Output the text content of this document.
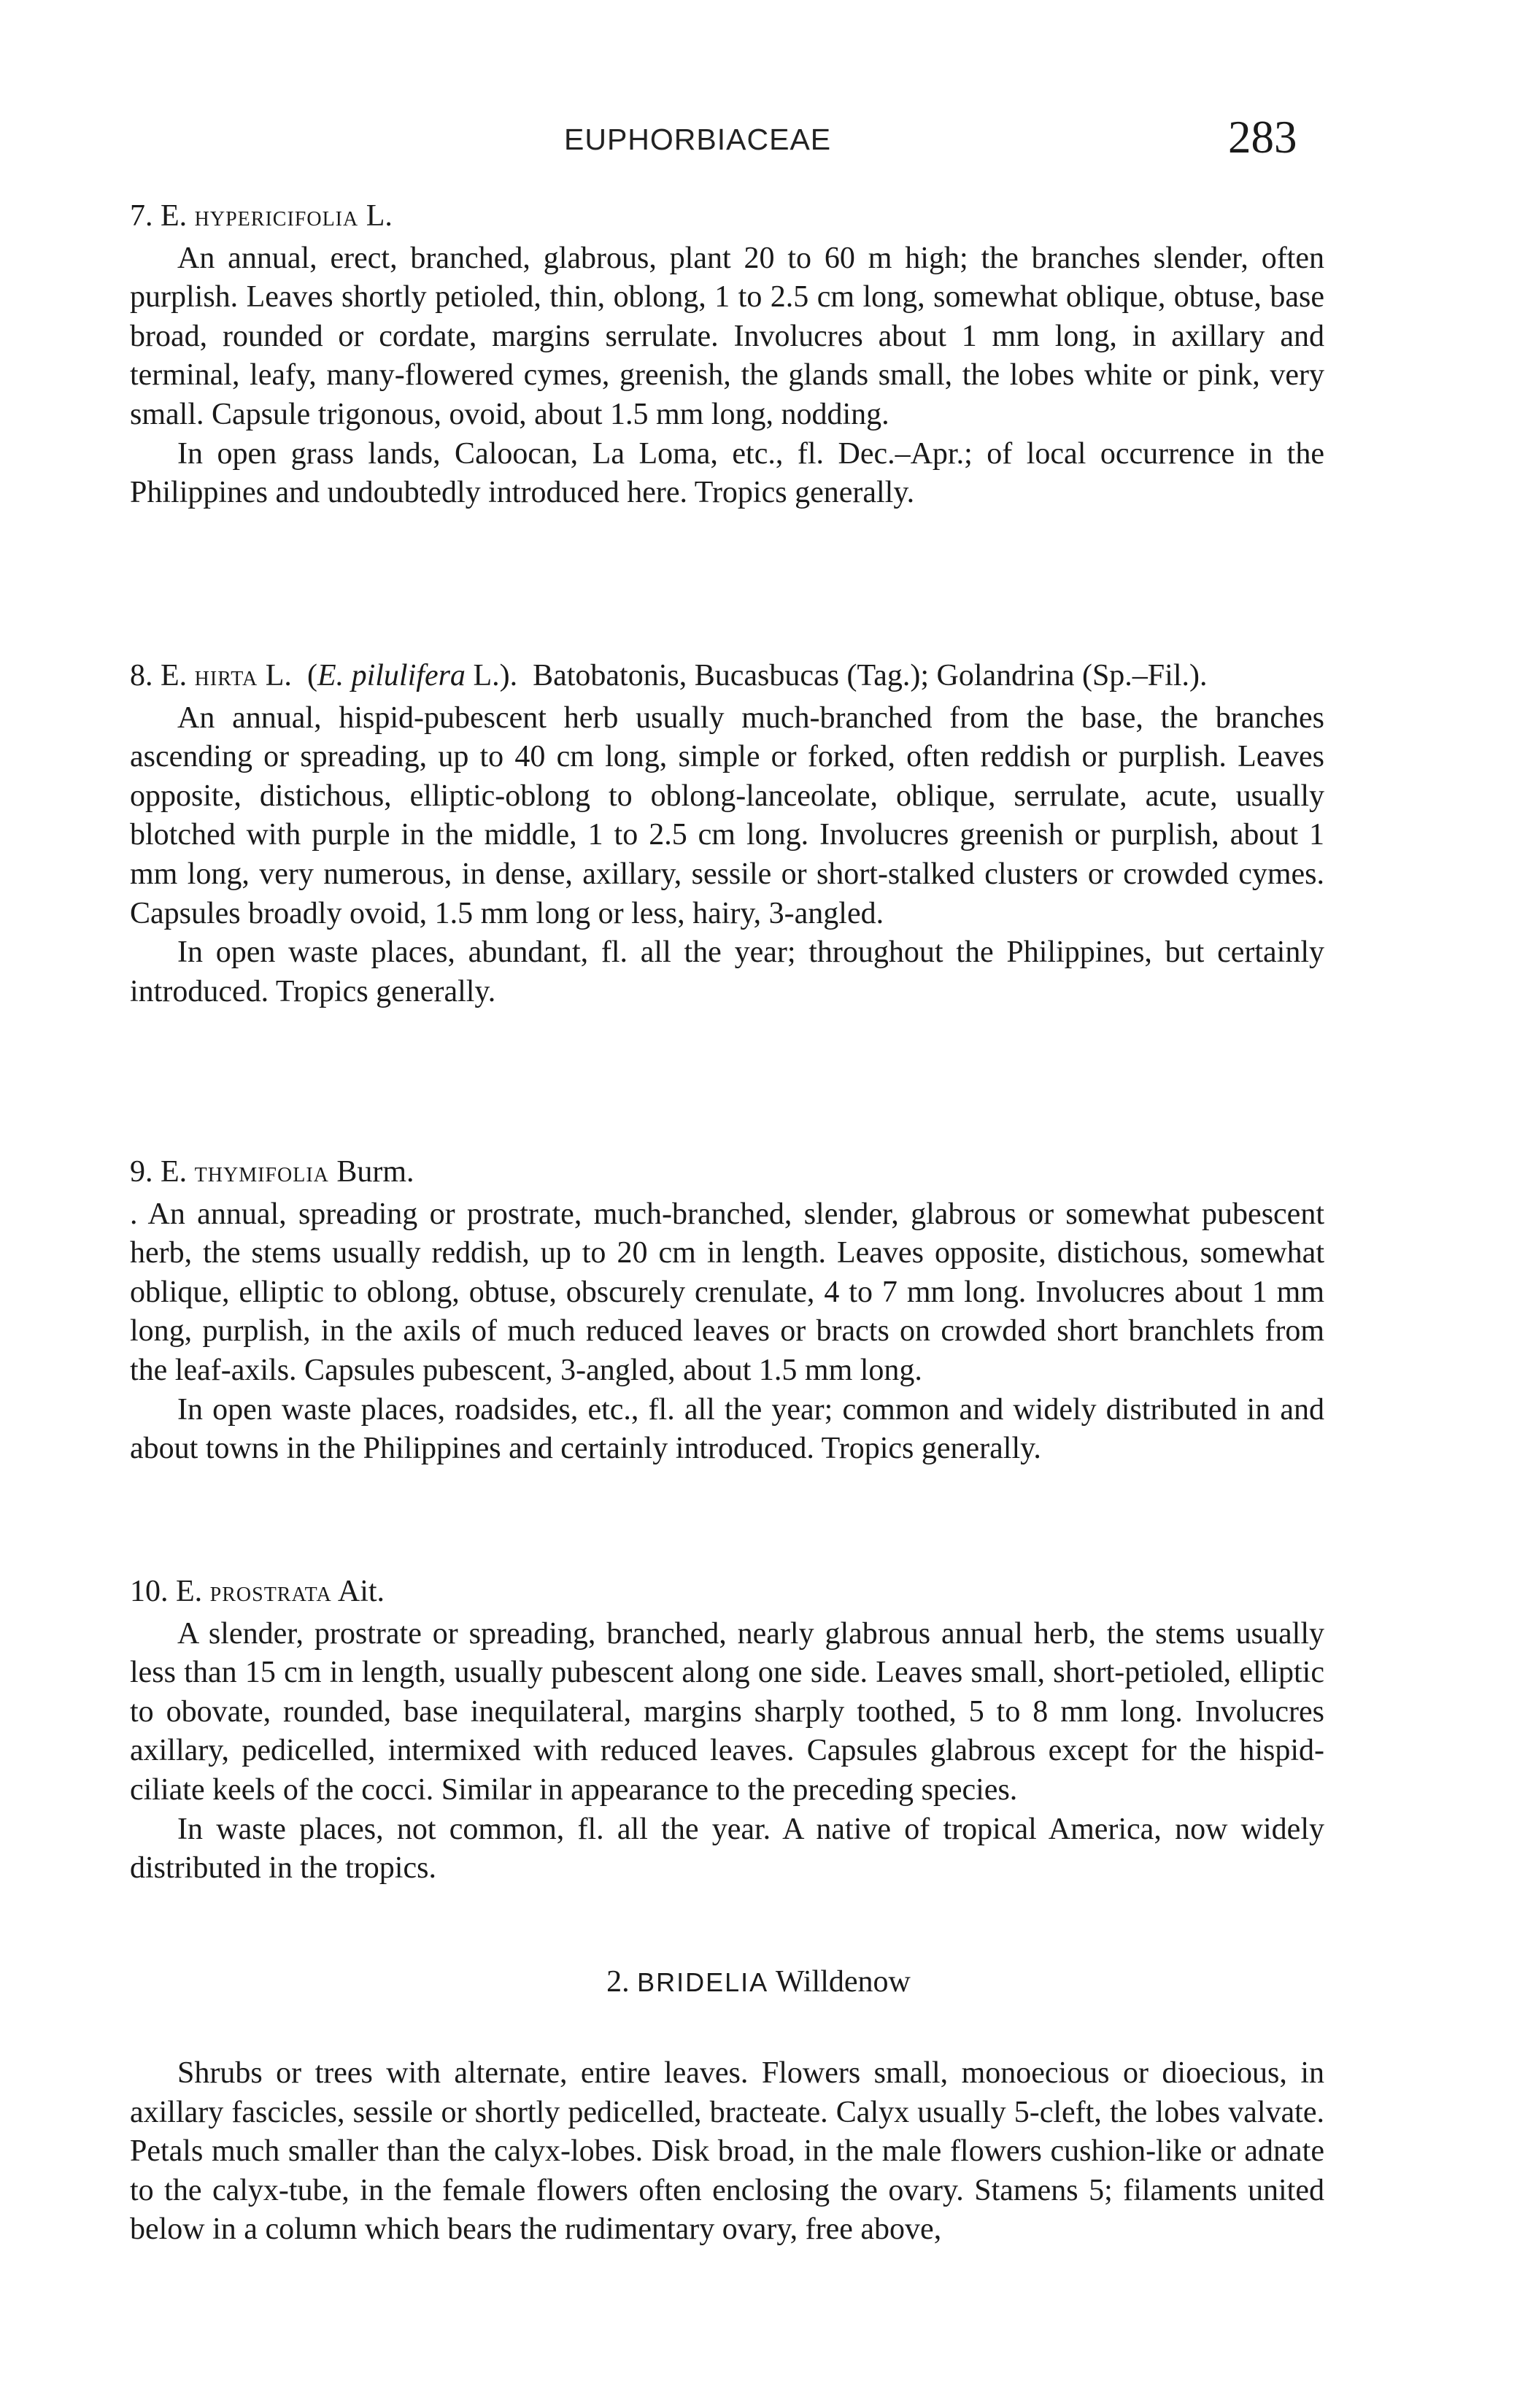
EUPHORBIACEAE	283

7. E. HYPERICIFOLIA L.

An annual, erect, branched, glabrous, plant 20 to 60 m high; the branches slender, often purplish. Leaves shortly petioled, thin, oblong, 1 to 2.5 cm long, somewhat oblique, obtuse, base broad, rounded or cordate, margins serrulate. Involucres about 1 mm long, in axillary and terminal, leafy, many-flowered cymes, greenish, the glands small, the lobes white or pink, very small. Capsule trigonous, ovoid, about 1.5 mm long, nodding.

In open grass lands, Caloocan, La Loma, etc., fl. Dec.–Apr.; of local occurrence in the Philippines and undoubtedly introduced here. Tropics generally.

8. E. HIRTA L. (E. pilulifera L.). Batobatonis, Bucasbucas (Tag.); Golandrina (Sp.–Fil.).

An annual, hispid-pubescent herb usually much-branched from the base, the branches ascending or spreading, up to 40 cm long, simple or forked, often reddish or purplish. Leaves opposite, distichous, elliptic-oblong to oblong-lanceolate, oblique, serrulate, acute, usually blotched with purple in the middle, 1 to 2.5 cm long. Involucres greenish or purplish, about 1 mm long, very numerous, in dense, axillary, sessile or short-stalked clusters or crowded cymes. Capsules broadly ovoid, 1.5 mm long or less, hairy, 3-angled.

In open waste places, abundant, fl. all the year; throughout the Philippines, but certainly introduced. Tropics generally.

9. E. THYMIFOLIA Burm.

. An annual, spreading or prostrate, much-branched, slender, glabrous or somewhat pubescent herb, the stems usually reddish, up to 20 cm in length. Leaves opposite, distichous, somewhat oblique, elliptic to oblong, obtuse, obscurely crenulate, 4 to 7 mm long. Involucres about 1 mm long, purplish, in the axils of much reduced leaves or bracts on crowded short branchlets from the leaf-axils. Capsules pubescent, 3-angled, about 1.5 mm long.

In open waste places, roadsides, etc., fl. all the year; common and widely distributed in and about towns in the Philippines and certainly introduced. Tropics generally.

10. E. PROSTRATA Ait.

A slender, prostrate or spreading, branched, nearly glabrous annual herb, the stems usually less than 15 cm in length, usually pubescent along one side. Leaves small, short-petioled, elliptic to obovate, rounded, base inequilateral, margins sharply toothed, 5 to 8 mm long. Involucres axillary, pedicelled, intermixed with reduced leaves. Capsules glabrous except for the hispid-ciliate keels of the cocci. Similar in appearance to the preceding species.

In waste places, not common, fl. all the year. A native of tropical America, now widely distributed in the tropics.

2. BRIDELIA Willdenow

Shrubs or trees with alternate, entire leaves. Flowers small, monoecious or dioecious, in axillary fascicles, sessile or shortly pedicelled, bracteate. Calyx usually 5-cleft, the lobes valvate. Petals much smaller than the calyx-lobes. Disk broad, in the male flowers cushion-like or adnate to the calyx-tube, in the female flowers often enclosing the ovary. Stamens 5; filaments united below in a column which bears the rudimentary ovary, free above,
